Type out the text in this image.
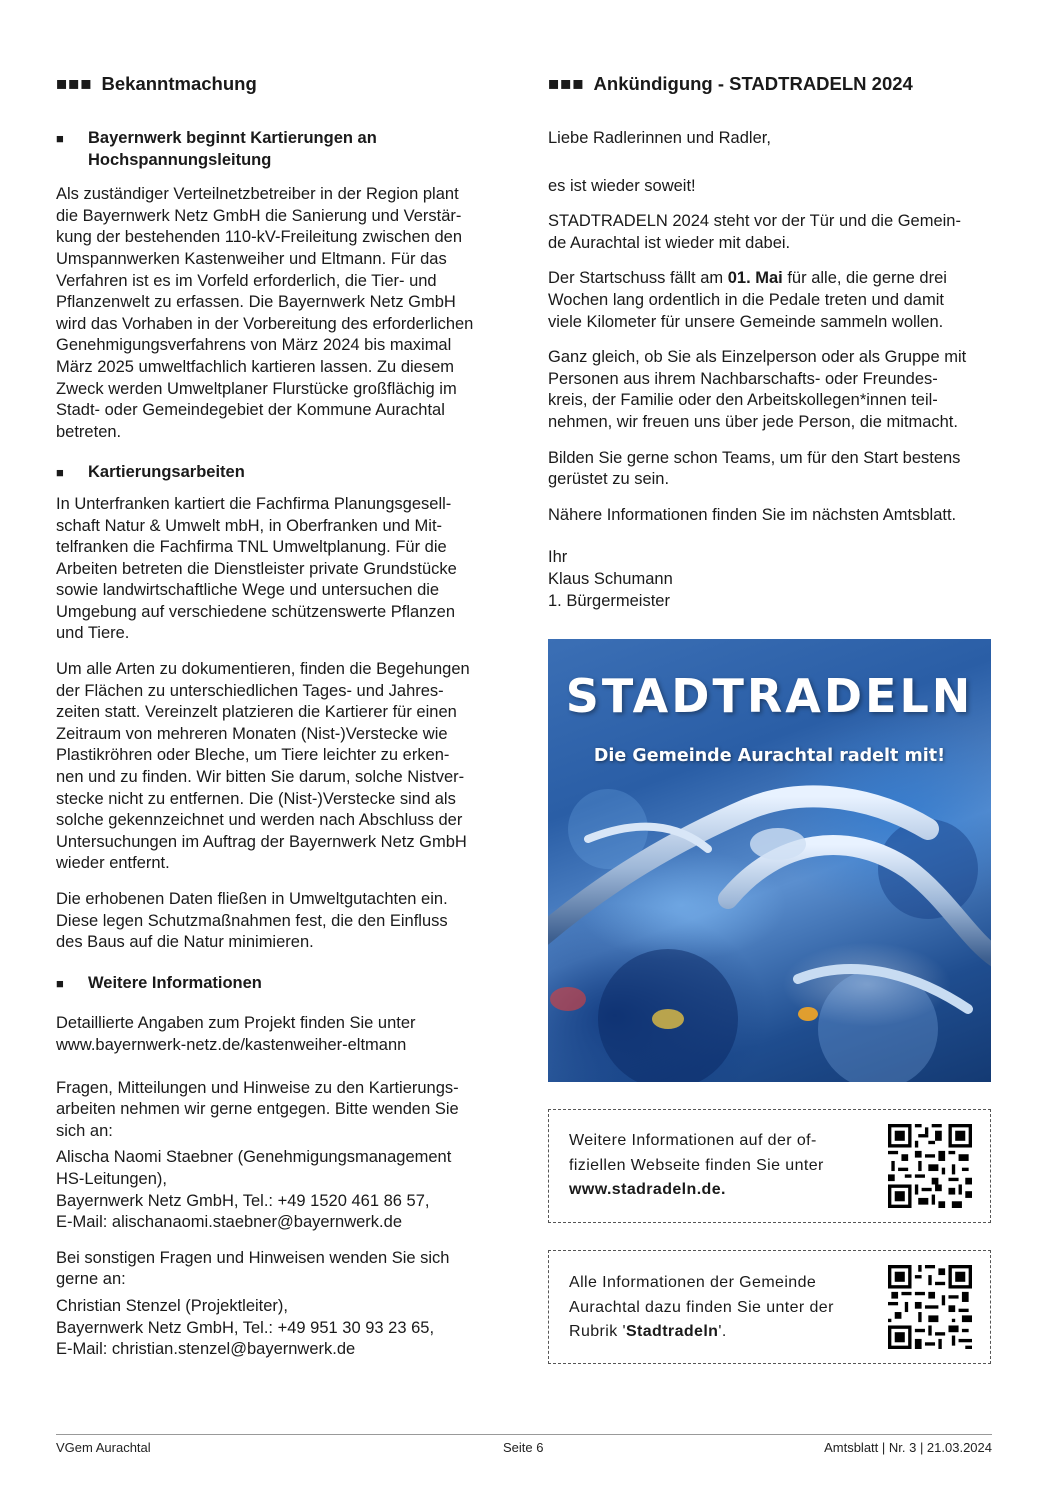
■■■ Bekanntmachung
■	Bayernwerk beginnt Kartierungen an
Hochspannungsleitung
Als zuständiger Verteilnetzbetreiber in der Region plant
die Bayernwerk Netz GmbH die Sanierung und Verstär-
kung der bestehenden 110-kV-Freileitung zwischen den
Umspannwerken Kastenweiher und Eltmann. Für das
Verfahren ist es im Vorfeld erforderlich, die Tier- und
Pflanzenwelt zu erfassen. Die Bayernwerk Netz GmbH
wird das Vorhaben in der Vorbereitung des erforderlichen
Genehmigungsverfahrens von März 2024 bis maximal
März 2025 umweltfachlich kartieren lassen. Zu diesem
Zweck werden Umweltplaner Flurstücke großflächig im
Stadt- oder Gemeindegebiet der Kommune Aurachtal
betreten.
■	Kartierungsarbeiten
In Unterfranken kartiert die Fachfirma Planungsgesell-
schaft Natur & Umwelt mbH, in Oberfranken und Mit-
telfranken die Fachfirma TNL Umweltplanung. Für die
Arbeiten betreten die Dienstleister private Grundstücke
sowie landwirtschaftliche Wege und untersuchen die
Umgebung auf verschiedene schützenswerte Pflanzen
und Tiere.
Um alle Arten zu dokumentieren, finden die Begehungen
der Flächen zu unterschiedlichen Tages- und Jahres-
zeiten statt. Vereinzelt platzieren die Kartierer für einen
Zeitraum von mehreren Monaten (Nist-)Verstecke wie
Plastikröhren oder Bleche, um Tiere leichter zu erken-
nen und zu finden. Wir bitten Sie darum, solche Nistver-
stecke nicht zu entfernen. Die (Nist-)Verstecke sind als
solche gekennzeichnet und werden nach Abschluss der
Untersuchungen im Auftrag der Bayernwerk Netz GmbH
wieder entfernt.
Die erhobenen Daten fließen in Umweltgutachten ein.
Diese legen Schutzmaßnahmen fest, die den Einfluss
des Baus auf die Natur minimieren.
■	Weitere Informationen
Detaillierte Angaben zum Projekt finden Sie unter
www.bayernwerk-netz.de/kastenweiher-eltmann
Fragen, Mitteilungen und Hinweise zu den Kartierungs-
arbeiten nehmen wir gerne entgegen. Bitte wenden Sie
sich an:
Alischa Naomi Staebner (Genehmigungsmanagement
HS-Leitungen),
Bayernwerk Netz GmbH, Tel.: +49 1520 461 86 57,
E-Mail: alischanaomi.staebner@bayernwerk.de
Bei sonstigen Fragen und Hinweisen wenden Sie sich
gerne an:
Christian Stenzel (Projektleiter),
Bayernwerk Netz GmbH, Tel.: +49 951 30 93 23 65,
E-Mail: christian.stenzel@bayernwerk.de
■■■ Ankündigung - STADTRADELN 2024
Liebe Radlerinnen und Radler,
es ist wieder soweit!
STADTRADELN 2024 steht vor der Tür und die Gemein-
de Aurachtal ist wieder mit dabei.
Der Startschuss fällt am 01. Mai für alle, die gerne drei
Wochen lang ordentlich in die Pedale treten und damit
viele Kilometer für unsere Gemeinde sammeln wollen.
Ganz gleich, ob Sie als Einzelperson oder als Gruppe mit
Personen aus ihrem Nachbarschafts- oder Freundes-
kreis, der Familie oder den Arbeitskollegen*innen teil-
nehmen, wir freuen uns über jede Person, die mitmacht.
Bilden Sie gerne schon Teams, um für den Start bestens
gerüstet zu sein.
Nähere Informationen finden Sie im nächsten Amtsblatt.
Ihr
Klaus Schumann
1. Bürgermeister
STADTRADELN
Die Gemeinde Aurachtal radelt mit!
Weitere Informationen auf der of-
fiziellen Webseite finden Sie unter
www.stadradeln.de.
Alle Informationen der Gemeinde
Aurachtal dazu finden Sie unter der
Rubrik 'Stadtradeln'.
VGem Aurachtal	Seite 6	Amtsblatt | Nr. 3 | 21.03.2024
